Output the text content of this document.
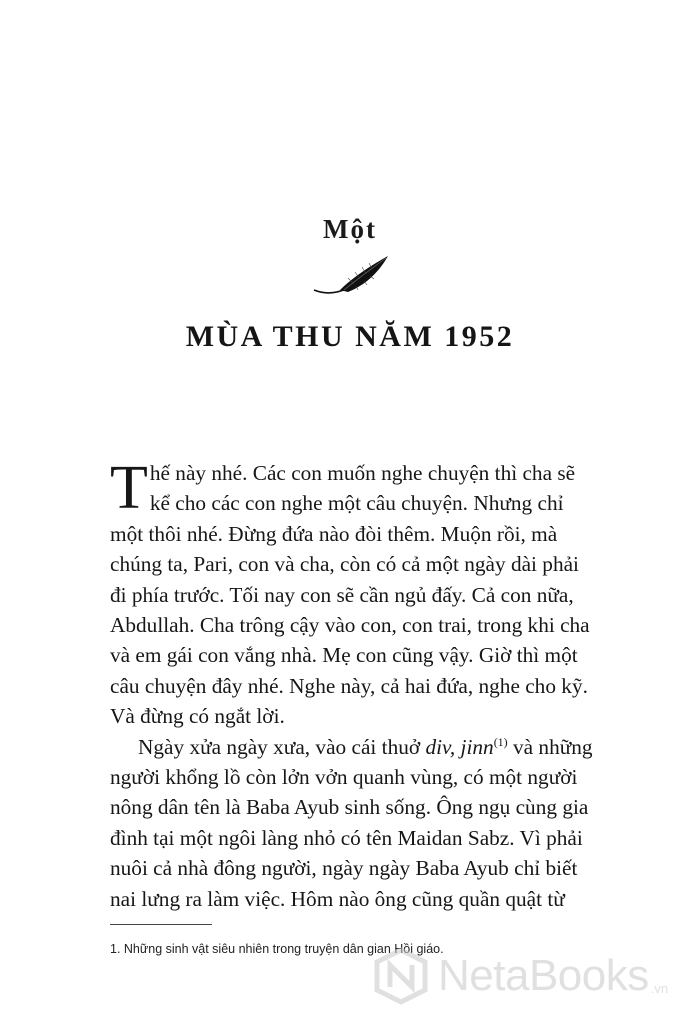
Một
MÙA THU NĂM 1952
T hế này nhé. Các con muốn nghe chuyện thì cha sẽ
kể cho các con nghe một câu chuyện. Nhưng chỉ
một thôi nhé. Đừng đứa nào đòi thêm. Muộn rồi, mà
chúng ta, Pari, con và cha, còn có cả một ngày dài phải
đi phía trước. Tối nay con sẽ cần ngủ đấy. Cả con nữa,
Abdullah. Cha trông cậy vào con, con trai, trong khi cha
và em gái con vắng nhà. Mẹ con cũng vậy. Giờ thì một
câu chuyện đây nhé. Nghe này, cả hai đứa, nghe cho kỹ.
Và đừng có ngắt lời.
Ngày xửa ngày xưa, vào cái thuở div, jinn$^{(1)}$ và những
người khổng lồ còn lởn vởn quanh vùng, có một người
nông dân tên là Baba Ayub sinh sống. Ông ngụ cùng gia
đình tại một ngôi làng nhỏ có tên Maidan Sabz. Vì phải
nuôi cả nhà đông người, ngày ngày Baba Ayub chỉ biết
nai lưng ra làm việc. Hôm nào ông cũng quần quật từ
1. Những sinh vật siêu nhiên trong truyện dân gian Hồi giáo.
NetaBooks .vn
